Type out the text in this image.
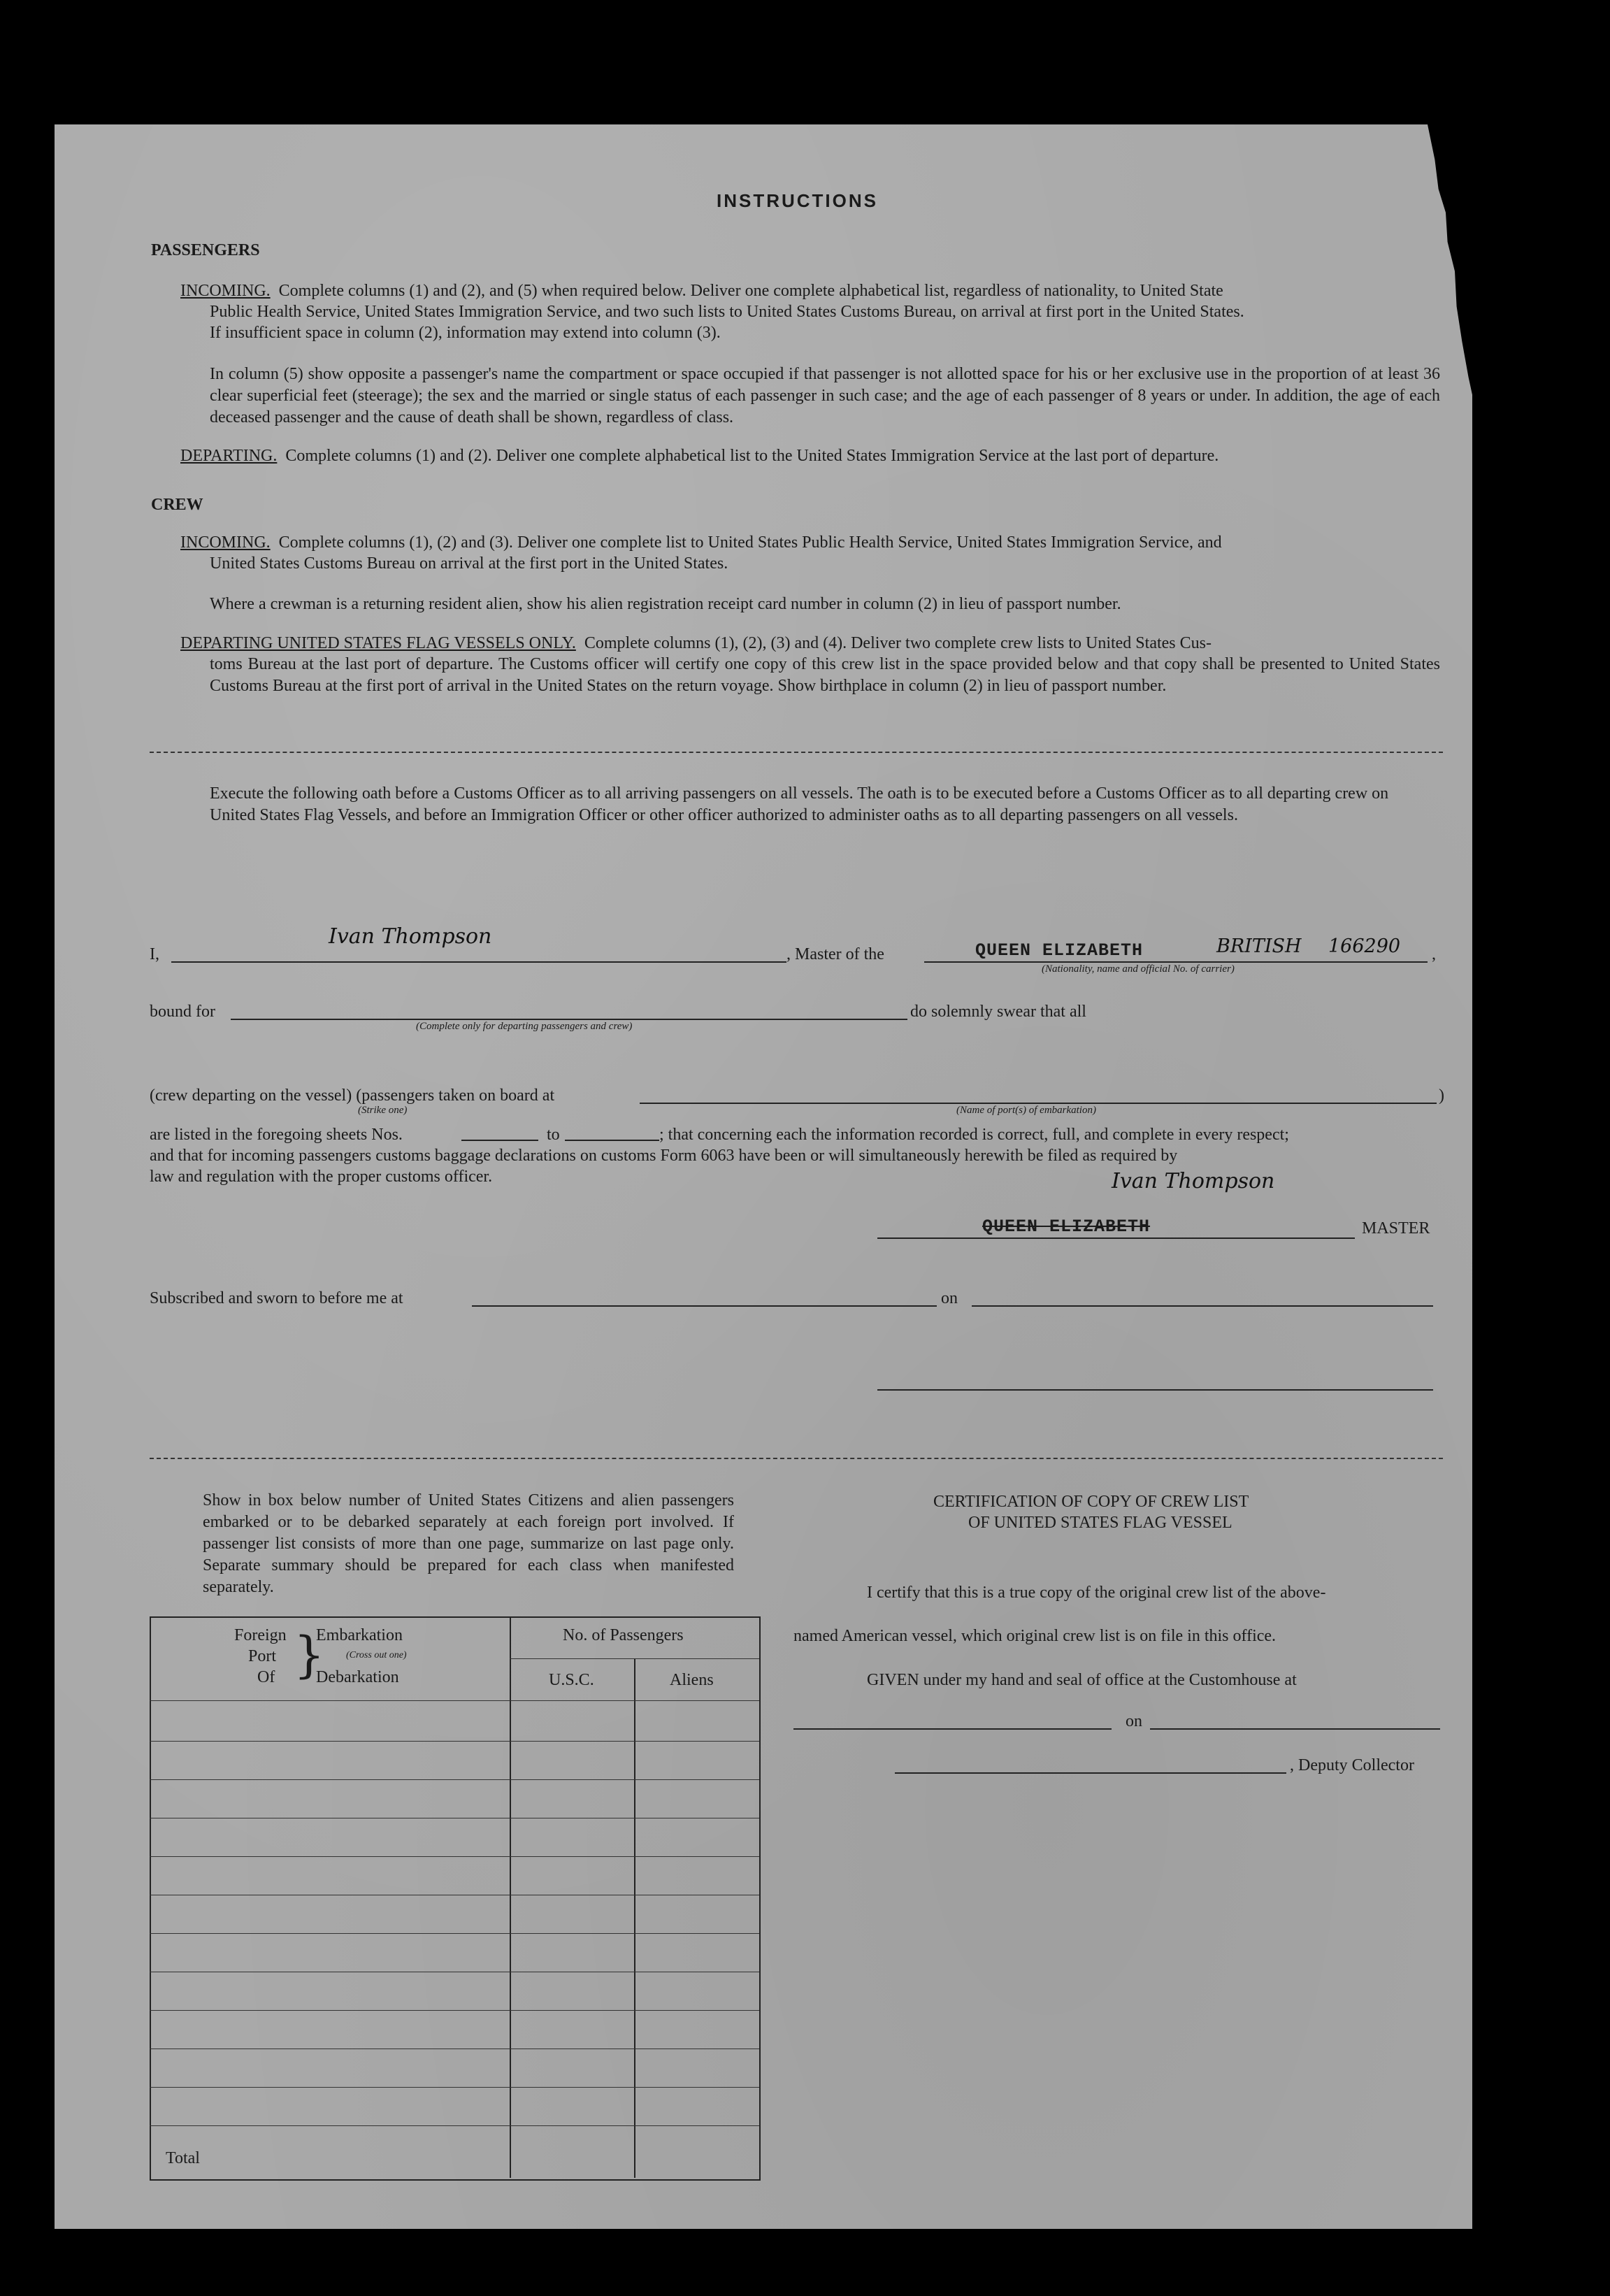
INSTRUCTIONS
PASSENGERS
INCOMING. Complete columns (1) and (2), and (5) when required below. Deliver one complete alphabetical list, regardless of nationality, to United State
Public Health Service, United States Immigration Service, and two such lists to United States Customs Bureau, on arrival at first port in the United States.
If insufficient space in column (2), information may extend into column (3).
In column (5) show opposite a passenger's name the compartment or space occupied if that passenger is not allotted space for his or her exclusive use in the proportion of at least 36 clear superficial feet (steerage); the sex and the married or single status of each passenger in such case; and the age of each passenger of 8 years or under. In addition, the age of each deceased passenger and the cause of death shall be shown, regardless of class.
DEPARTING. Complete columns (1) and (2). Deliver one complete alphabetical list to the United States Immigration Service at the last port of departure.
CREW
INCOMING. Complete columns (1), (2) and (3). Deliver one complete list to United States Public Health Service, United States Immigration Service, and
United States Customs Bureau on arrival at the first port in the United States.
Where a crewman is a returning resident alien, show his alien registration receipt card number in column (2) in lieu of passport number.
DEPARTING UNITED STATES FLAG VESSELS ONLY. Complete columns (1), (2), (3) and (4). Deliver two complete crew lists to United States Cus-
toms Bureau at the last port of departure. The Customs officer will certify one copy of this crew list in the space provided below and that copy shall be presented to United States Customs Bureau at the first port of arrival in the United States on the return voyage. Show birthplace in column (2) in lieu of passport number.
Execute the following oath before a Customs Officer as to all arriving passengers on all vessels. The oath is to be executed before a Customs Officer as to all departing crew on United States Flag Vessels, and before an Immigration Officer or other officer authorized to administer oaths as to all departing passengers on all vessels.
I,
Ivan Thompson
, Master of the	QUEEN ELIZABETH	BRITISH 166290 ,
(Nationality, name and official No. of carrier)
bound for
(Complete only for departing passengers and crew)
do solemnly swear that all
(crew departing on the vessel) (passengers taken on board at
(Strike one)	(Name of port(s) of embarkation)
)
are listed in the foregoing sheets Nos.	to	; that concerning each the information recorded is correct, full, and complete in every respect;
and that for incoming passengers customs baggage declarations on customs Form 6063 have been or will simultaneously herewith be filed as required by
law and regulation with the proper customs officer.	Ivan Thompson
QUEEN ELIZABETH	MASTER
Subscribed and sworn to before me at	on
Show in box below number of United States Citizens and alien passengers embarked or to be debarked separately at each foreign port involved. If passenger list consists of more than one page, summarize on last page only. Separate summary should be prepared for each class when manifested separately.
Foreign
Port
Of }
Embarkation
(Cross out one)
Debarkation
No. of Passengers
U.S.C.	Aliens
Total
CERTIFICATION OF COPY OF CREW LIST
OF UNITED STATES FLAG VESSEL
I certify that this is a true copy of the original crew list of the above-
named American vessel, which original crew list is on file in this office.
GIVEN under my hand and seal of office at the Customhouse at
on
, Deputy Collector
